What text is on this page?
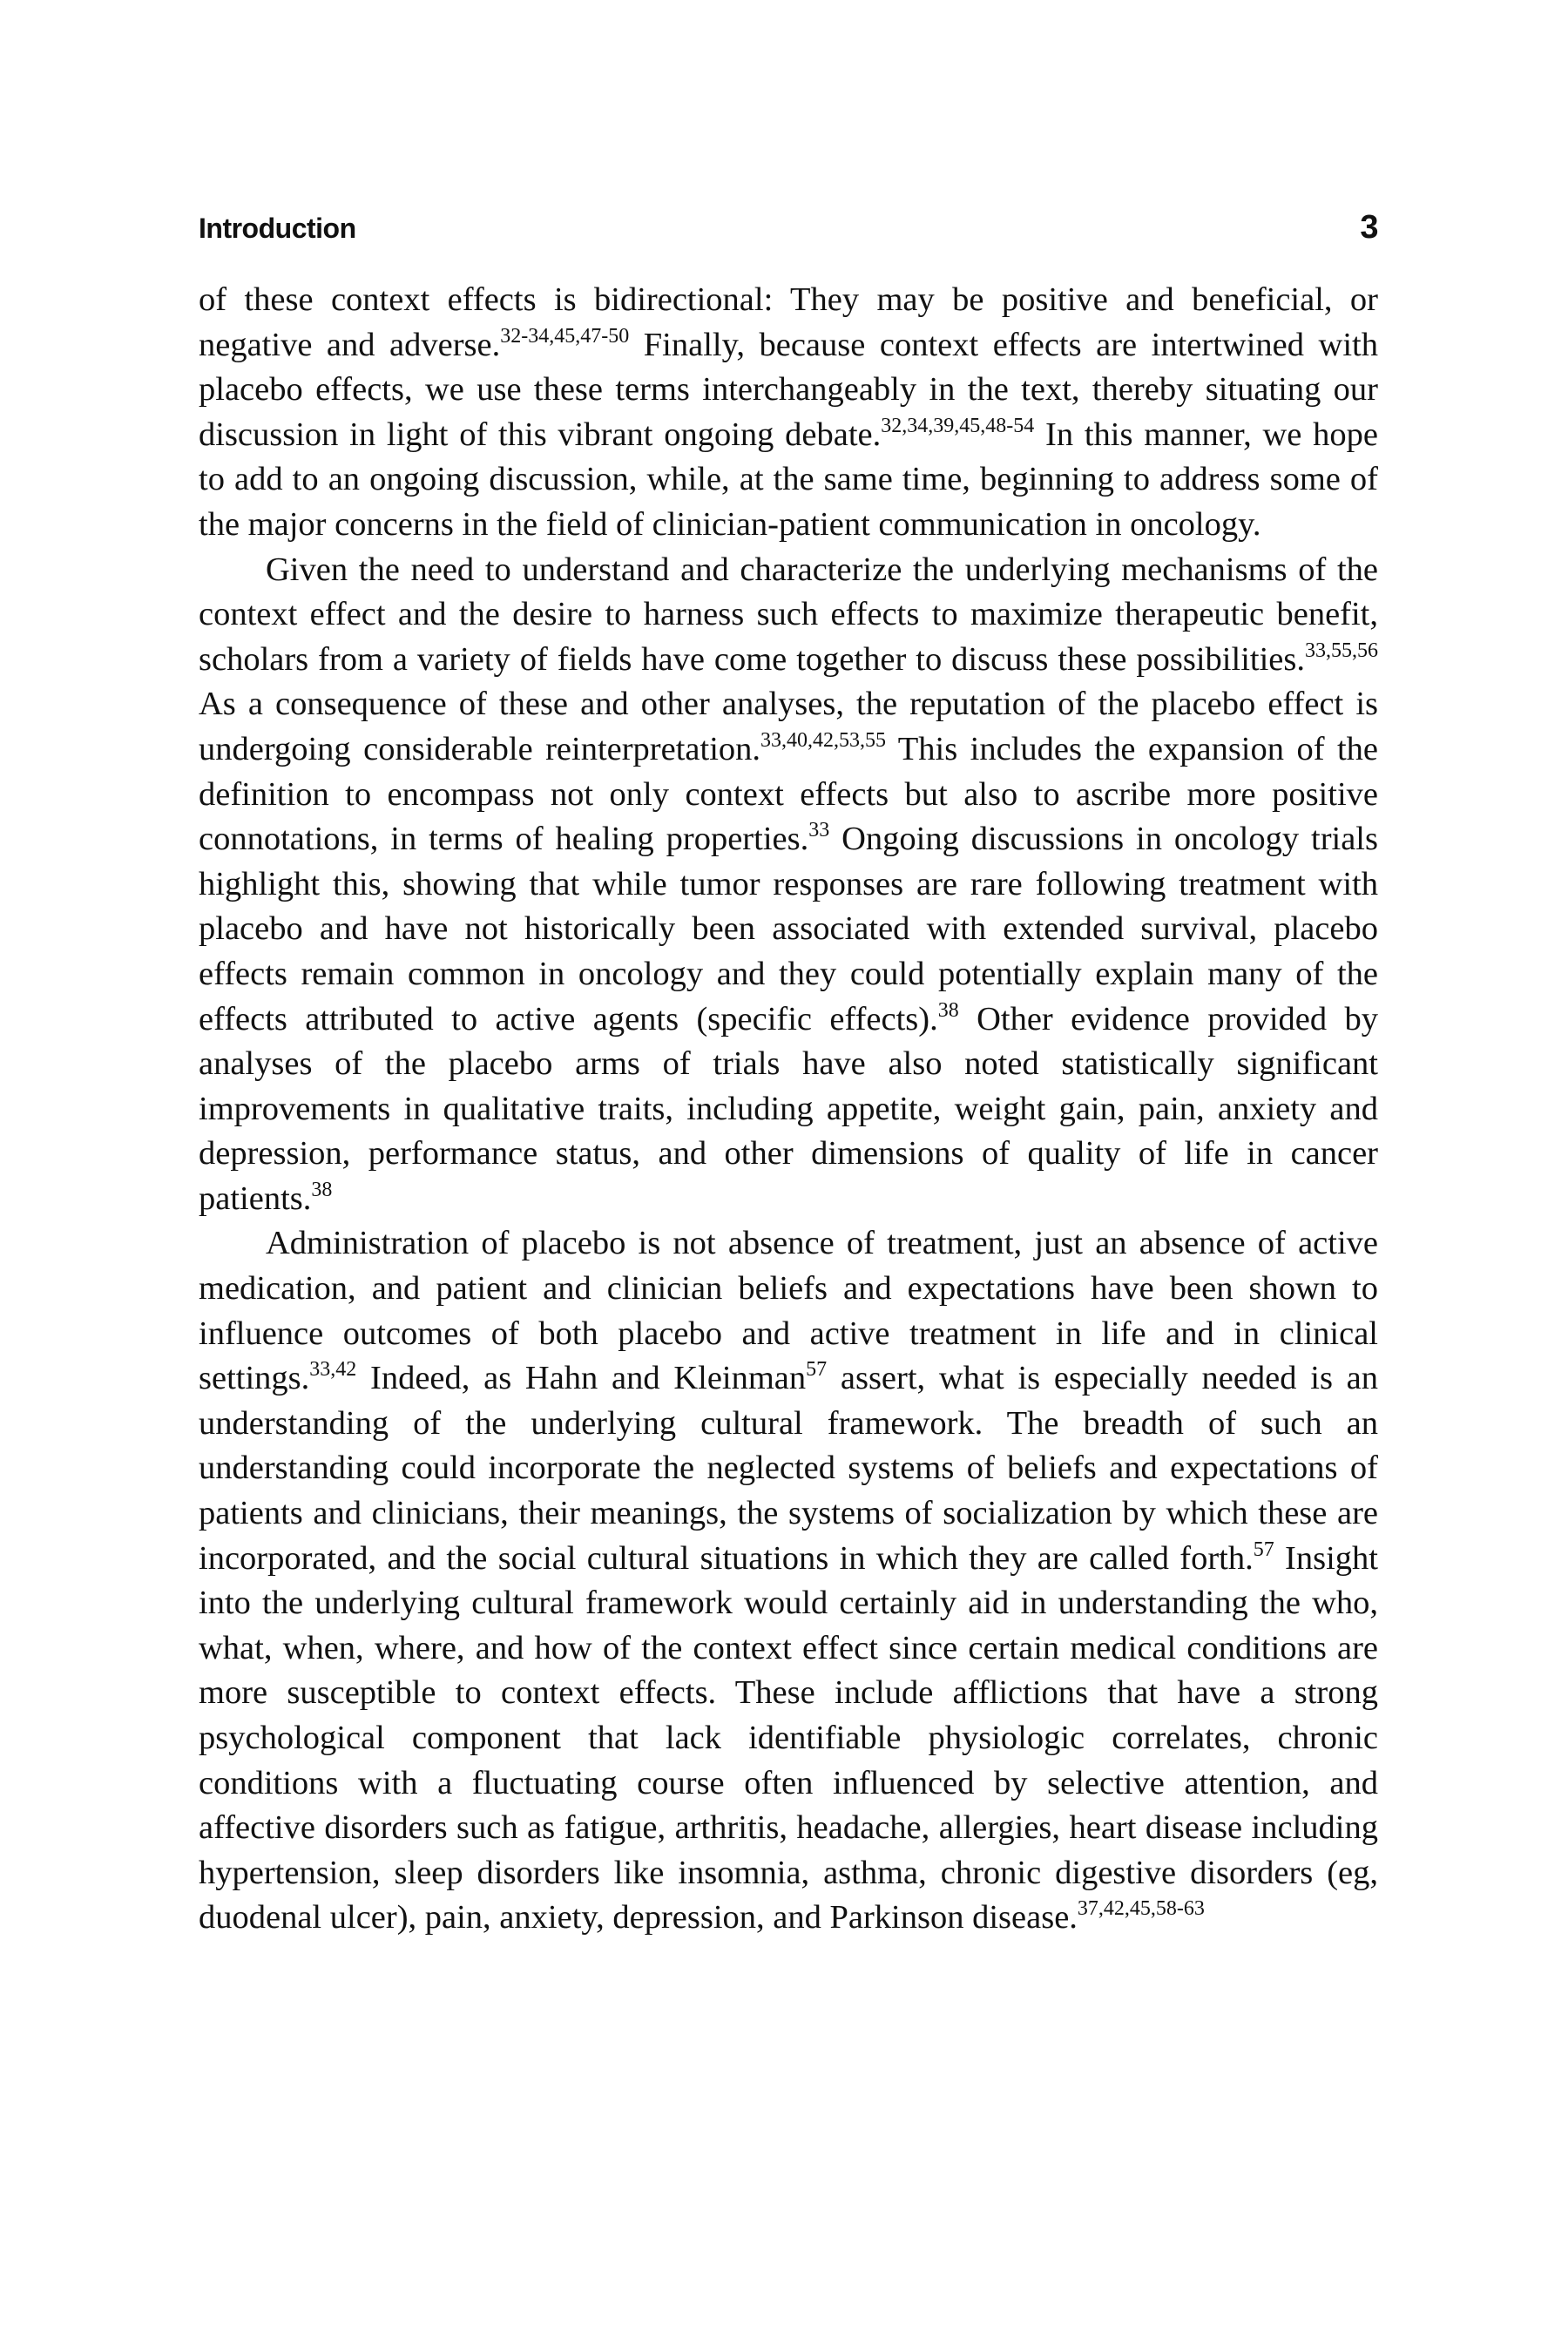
Introduction	3

of these context effects is bidirectional: They may be positive and beneficial, or negative and adverse.$^{32-34,45,47-50}$ Finally, because context effects are intertwined with placebo effects, we use these terms interchangeably in the text, thereby situating our discussion in light of this vibrant ongoing debate.$^{32,34,39,45,48-54}$ In this manner, we hope to add to an ongoing discussion, while, at the same time, beginning to address some of the major concerns in the field of clinician-patient communication in oncology.

Given the need to understand and characterize the underlying mechanisms of the context effect and the desire to harness such effects to maximize therapeutic benefit, scholars from a variety of fields have come together to discuss these possibilities.$^{33,55,56}$ As a consequence of these and other analyses, the reputation of the placebo effect is undergoing considerable reinterpretation.$^{33,40,42,53,55}$ This includes the expansion of the definition to encompass not only context effects but also to ascribe more positive connotations, in terms of healing properties.$^{33}$ Ongoing discussions in oncology trials highlight this, showing that while tumor responses are rare following treatment with placebo and have not historically been associated with extended survival, placebo effects remain common in oncology and they could potentially explain many of the effects attributed to active agents (specific effects).$^{38}$ Other evidence provided by analyses of the placebo arms of trials have also noted statistically significant improvements in qualitative traits, including appetite, weight gain, pain, anxiety and depression, performance status, and other dimensions of quality of life in cancer patients.$^{38}$

Administration of placebo is not absence of treatment, just an absence of active medication, and patient and clinician beliefs and expectations have been shown to influence outcomes of both placebo and active treatment in life and in clinical settings.$^{33,42}$ Indeed, as Hahn and Kleinman$^{57}$ assert, what is especially needed is an understanding of the underlying cultural framework. The breadth of such an understanding could incorporate the neglected systems of beliefs and expectations of patients and clinicians, their meanings, the systems of socialization by which these are incorporated, and the social cultural situations in which they are called forth.$^{57}$ Insight into the underlying cultural framework would certainly aid in understanding the who, what, when, where, and how of the context effect since certain medical conditions are more susceptible to context effects. These include afflictions that have a strong psychological component that lack identifiable physiologic correlates, chronic conditions with a fluctuating course often influenced by selective attention, and affective disorders such as fatigue, arthritis, headache, allergies, heart disease including hypertension, sleep disorders like insomnia, asthma, chronic digestive disorders (eg, duodenal ulcer), pain, anxiety, depression, and Parkinson disease.$^{37,42,45,58-63}$
